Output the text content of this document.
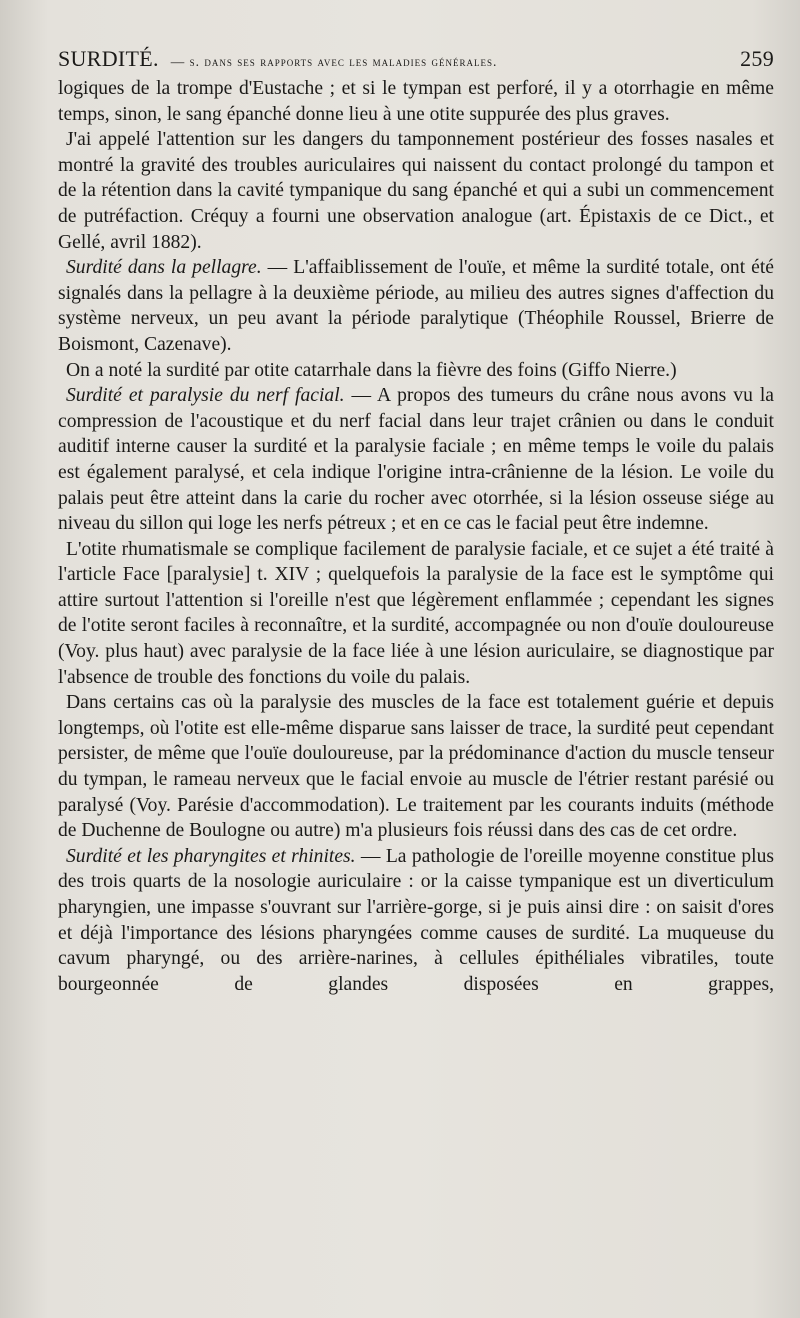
SURDITÉ. — s. dans ses rapports avec les maladies générales.	259

logiques de la trompe d'Eustache ; et si le tympan est perforé, il y a otorrhagie en même temps, sinon, le sang épanché donne lieu à une otite suppurée des plus graves.

J'ai appelé l'attention sur les dangers du tamponnement postérieur des fosses nasales et montré la gravité des troubles auriculaires qui naissent du contact prolongé du tampon et de la rétention dans la cavité tympanique du sang épanché et qui a subi un commencement de putréfaction. Créquy a fourni une observation analogue (art. Épistaxis de ce Dict., et Gellé, avril 1882).

Surdité dans la pellagre. — L'affaiblissement de l'ouïe, et même la surdité totale, ont été signalés dans la pellagre à la deuxième période, au milieu des autres signes d'affection du système nerveux, un peu avant la période paralytique (Théophile Roussel, Brierre de Boismont, Cazenave).

On a noté la surdité par otite catarrhale dans la fièvre des foins (Giffo Nierre.)

Surdité et paralysie du nerf facial. — A propos des tumeurs du crâne nous avons vu la compression de l'acoustique et du nerf facial dans leur trajet crânien ou dans le conduit auditif interne causer la surdité et la paralysie faciale ; en même temps le voile du palais est également paralysé, et cela indique l'origine intra-crânienne de la lésion. Le voile du palais peut être atteint dans la carie du rocher avec otorrhée, si la lésion osseuse siége au niveau du sillon qui loge les nerfs pétreux ; et en ce cas le facial peut être indemne.

L'otite rhumatismale se complique facilement de paralysie faciale, et ce sujet a été traité à l'article Face [paralysie] t. XIV ; quelquefois la paralysie de la face est le symptôme qui attire surtout l'attention si l'oreille n'est que légèrement enflammée ; cependant les signes de l'otite seront faciles à reconnaître, et la surdité, accompagnée ou non d'ouïe douloureuse (Voy. plus haut) avec paralysie de la face liée à une lésion auriculaire, se diagnostique par l'absence de trouble des fonctions du voile du palais.

Dans certains cas où la paralysie des muscles de la face est totalement guérie et depuis longtemps, où l'otite est elle-même disparue sans laisser de trace, la surdité peut cependant persister, de même que l'ouïe douloureuse, par la prédominance d'action du muscle tenseur du tympan, le rameau nerveux que le facial envoie au muscle de l'étrier restant parésié ou paralysé (Voy. Parésie d'accommodation). Le traitement par les courants induits (méthode de Duchenne de Boulogne ou autre) m'a plusieurs fois réussi dans des cas de cet ordre.

Surdité et les pharyngites et rhinites. — La pathologie de l'oreille moyenne constitue plus des trois quarts de la nosologie auriculaire : or la caisse tympanique est un diverticulum pharyngien, une impasse s'ouvrant sur l'arrière-gorge, si je puis ainsi dire : on saisit d'ores et déjà l'importance des lésions pharyngées comme causes de surdité. La muqueuse du cavum pharyngé, ou des arrière-narines, à cellules épithéliales vibratiles, toute bourgeonnée de glandes disposées en grappes,
